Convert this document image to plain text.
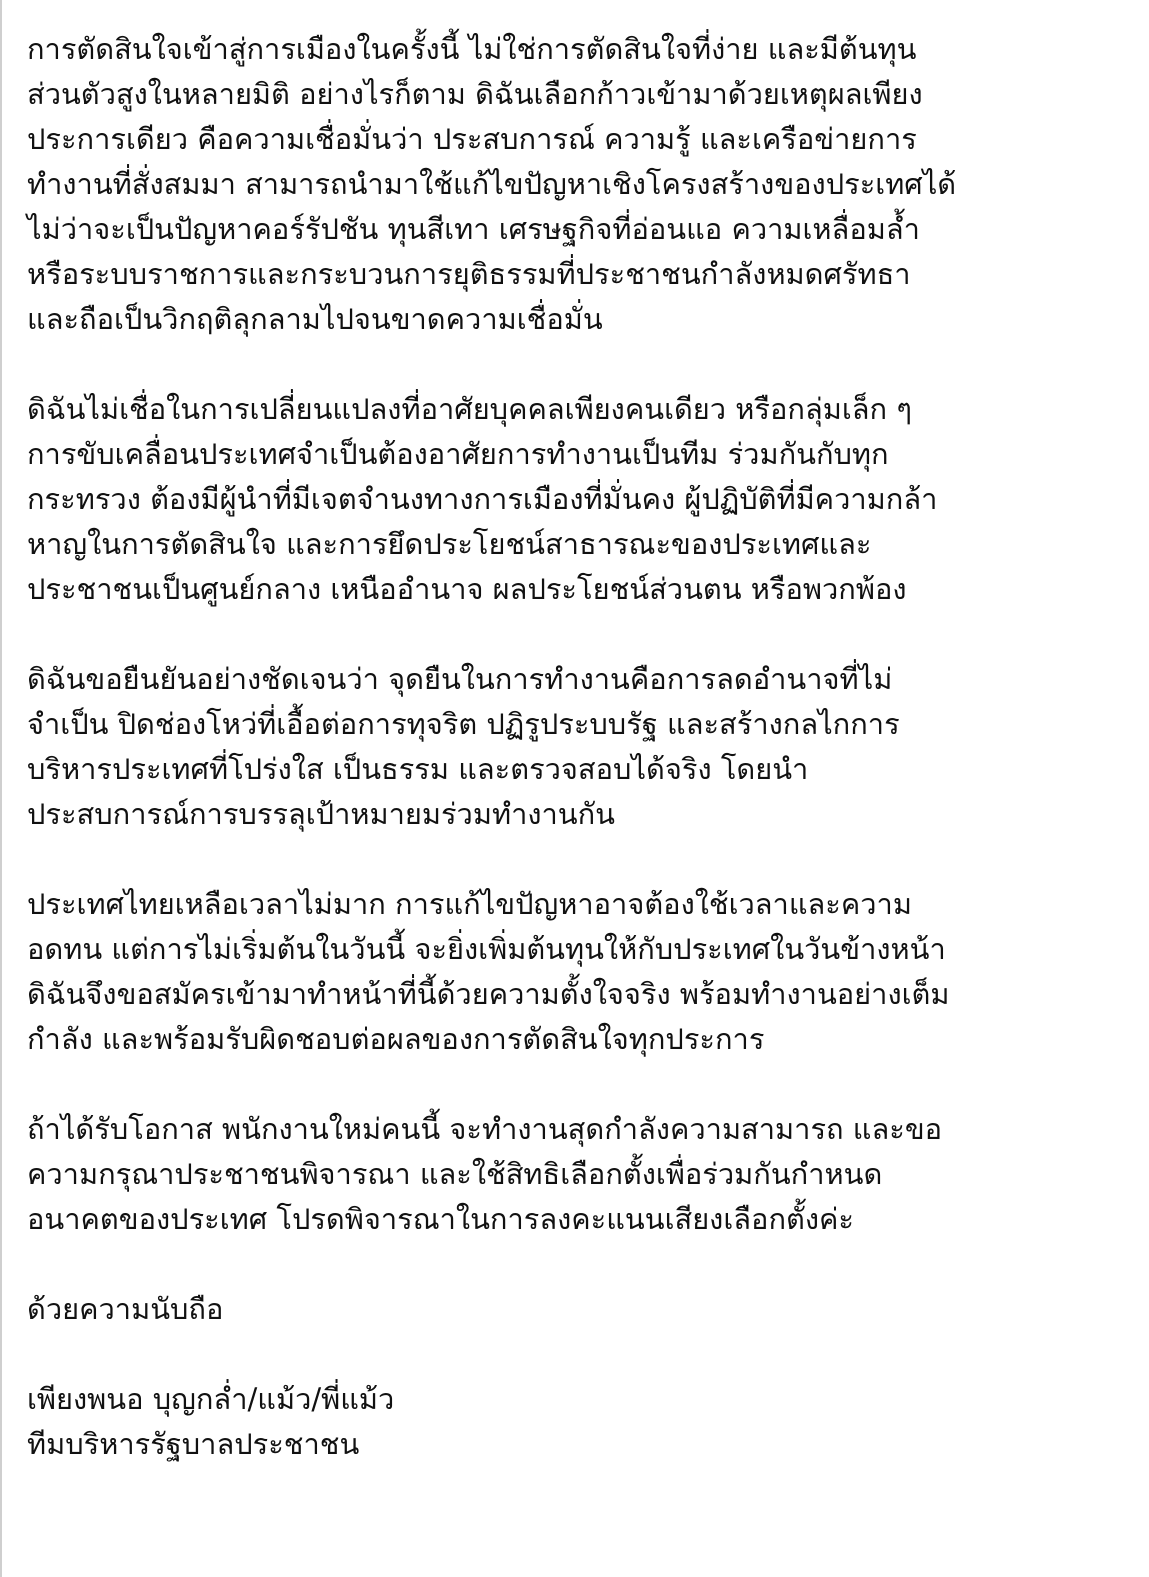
การตัดสินใจเข้าสู่การเมืองในครั้งนี้ ไม่ใช่การตัดสินใจที่ง่าย และมีต้นทุน
ส่วนตัวสูงในหลายมิติ อย่างไรก็ตาม ดิฉันเลือกก้าวเข้ามาด้วยเหตุผลเพียง
ประการเดียว คือความเชื่อมั่นว่า ประสบการณ์ ความรู้ และเครือข่ายการ
ทำงานที่สั่งสมมา สามารถนำมาใช้แก้ไขปัญหาเชิงโครงสร้างของประเทศได้
ไม่ว่าจะเป็นปัญหาคอร์รัปชัน ทุนสีเทา เศรษฐกิจที่อ่อนแอ ความเหลื่อมล้ำ
หรือระบบราชการและกระบวนการยุติธรรมที่ประชาชนกำลังหมดศรัทธา
และถือเป็นวิกฤติลุกลามไปจนขาดความเชื่อมั่น
ดิฉันไม่เชื่อในการเปลี่ยนแปลงที่อาศัยบุคคลเพียงคนเดียว หรือกลุ่มเล็ก ๆ
การขับเคลื่อนประเทศจำเป็นต้องอาศัยการทำงานเป็นทีม ร่วมกันกับทุก
กระทรวง ต้องมีผู้นำที่มีเจตจำนงทางการเมืองที่มั่นคง ผู้ปฏิบัติที่มีความกล้า
หาญในการตัดสินใจ และการยึดประโยชน์สาธารณะของประเทศและ
ประชาชนเป็นศูนย์กลาง เหนืออำนาจ ผลประโยชน์ส่วนตน หรือพวกพ้อง
ดิฉันขอยืนยันอย่างชัดเจนว่า จุดยืนในการทำงานคือการลดอำนาจที่ไม่
จำเป็น ปิดช่องโหว่ที่เอื้อต่อการทุจริต ปฏิรูประบบรัฐ และสร้างกลไกการ
บริหารประเทศที่โปร่งใส เป็นธรรม และตรวจสอบได้จริง โดยนำ
ประสบการณ์การบรรลุเป้าหมายมร่วมทำงานกัน
ประเทศไทยเหลือเวลาไม่มาก การแก้ไขปัญหาอาจต้องใช้เวลาและความ
อดทน แต่การไม่เริ่มต้นในวันนี้ จะยิ่งเพิ่มต้นทุนให้กับประเทศในวันข้างหน้า
ดิฉันจึงขอสมัครเข้ามาทำหน้าที่นี้ด้วยความตั้งใจจริง พร้อมทำงานอย่างเต็ม
กำลัง และพร้อมรับผิดชอบต่อผลของการตัดสินใจทุกประการ
ถ้าได้รับโอกาส พนักงานใหม่คนนี้ จะทำงานสุดกำลังความสามารถ และขอ
ความกรุณาประชาชนพิจารณา และใช้สิทธิเลือกตั้งเพื่อร่วมกันกำหนด
อนาคตของประเทศ โปรดพิจารณาในการลงคะแนนเสียงเลือกตั้งค่ะ
ด้วยความนับถือ
เพียงพนอ บุญกล่ำ/แม้ว/พี่แม้ว
ทีมบริหารรัฐบาลประชาชน
